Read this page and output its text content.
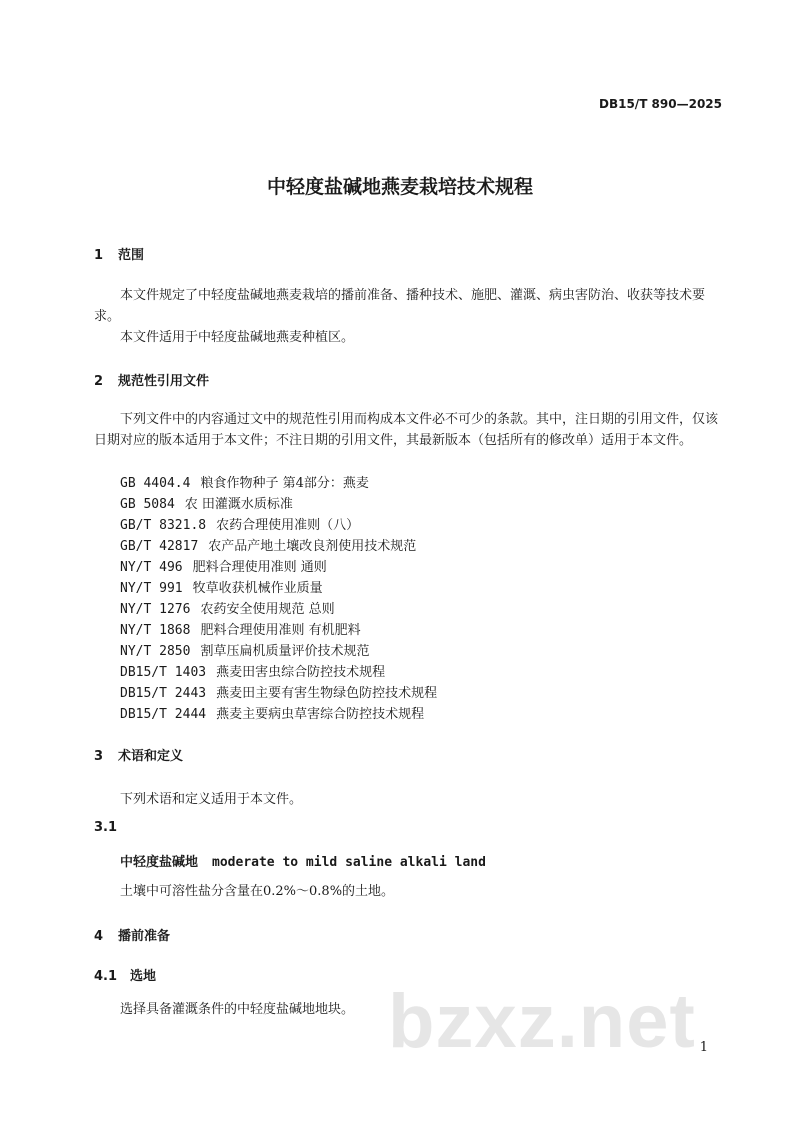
DB15/T 890—2025
中轻度盐碱地燕麦栽培技术规程
1 范围
本文件规定了中轻度盐碱地燕麦栽培的播前准备、播种技术、施肥、灌溉、病虫害防治、收获等技术要求。
本文件适用于中轻度盐碱地燕麦种植区。
2 规范性引用文件
下列文件中的内容通过文中的规范性引用而构成本文件必不可少的条款。其中，注日期的引用文件，仅该日期对应的版本适用于本文件；不注日期的引用文件，其最新版本（包括所有的修改单）适用于本文件。
GB 4404.4 粮食作物种子 第4部分：燕麦
GB 5084 农 田灌溉水质标准
GB/T 8321.8 农药合理使用准则（八）
GB/T 42817 农产品产地土壤改良剂使用技术规范
NY/T 496 肥料合理使用准则 通则
NY/T 991 牧草收获机械作业质量
NY/T 1276 农药安全使用规范 总则
NY/T 1868 肥料合理使用准则 有机肥料
NY/T 2850 割草压扁机质量评价技术规范
DB15/T 1403 燕麦田害虫综合防控技术规程
DB15/T 2443 燕麦田主要有害生物绿色防控技术规程
DB15/T 2444 燕麦主要病虫草害综合防控技术规程
3 术语和定义
下列术语和定义适用于本文件。
3.1
中轻度盐碱地 moderate to mild saline alkali land
土壤中可溶性盐分含量在0.2%～0.8%的土地。
4 播前准备
4.1 选地
选择具备灌溉条件的中轻度盐碱地地块。 bzxz.net 1
